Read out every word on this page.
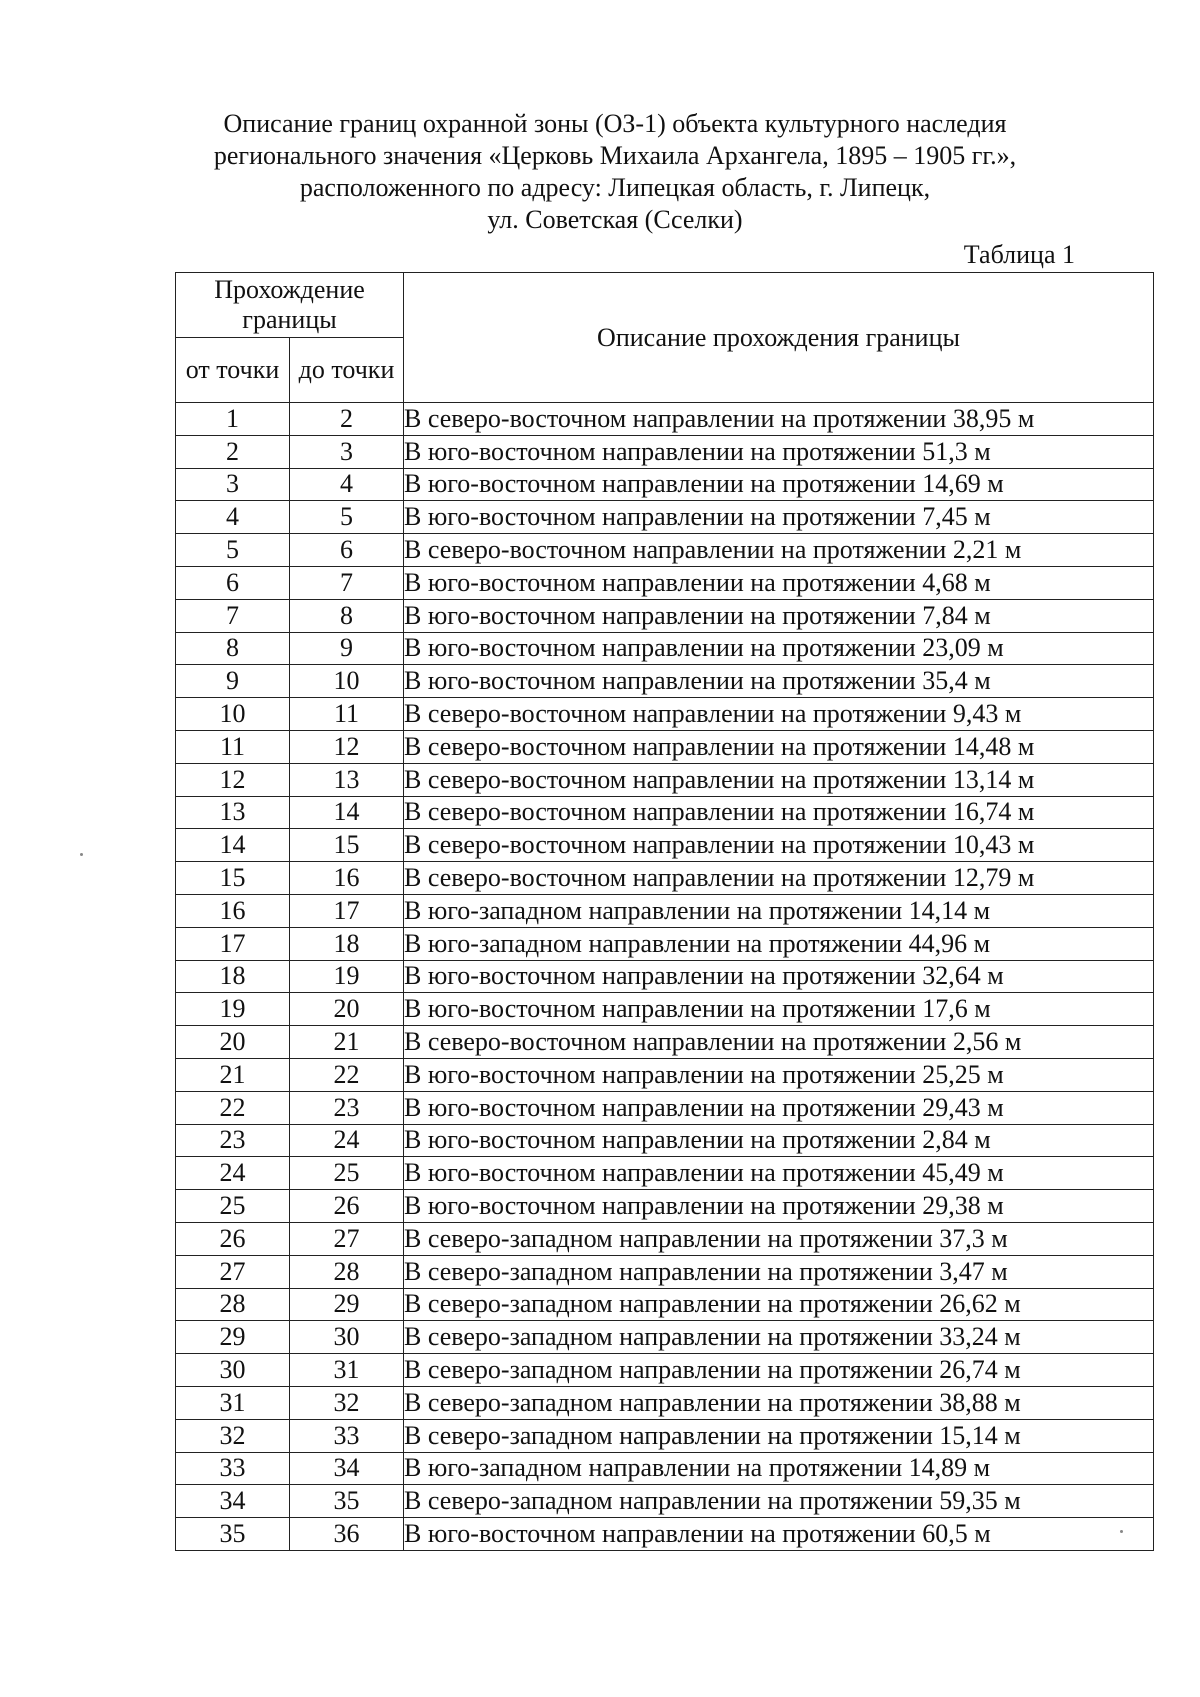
Описание границ охранной зоны (ОЗ-1) объекта культурного наследия
регионального значения «Церковь Михаила Архангела, 1895 – 1905 гг.»,
расположенного по адресу: Липецкая область, г. Липецк,
ул. Советская (Сселки)
Таблица 1
Прохождение границы		Описание прохождения границы
от точки	до точки	
1	2	В северо-восточном направлении на протяжении 38,95 м
2	3	В юго-восточном направлении на протяжении 51,3 м
3	4	В юго-восточном направлении на протяжении 14,69 м
4	5	В юго-восточном направлении на протяжении 7,45 м
5	6	В северо-восточном направлении на протяжении 2,21 м
6	7	В юго-восточном направлении на протяжении 4,68 м
7	8	В юго-восточном направлении на протяжении 7,84 м
8	9	В юго-восточном направлении на протяжении 23,09 м
9	10	В юго-восточном направлении на протяжении 35,4 м
10	11	В северо-восточном направлении на протяжении 9,43 м
11	12	В северо-восточном направлении на протяжении 14,48 м
12	13	В северо-восточном направлении на протяжении 13,14 м
13	14	В северо-восточном направлении на протяжении 16,74 м
14	15	В северо-восточном направлении на протяжении 10,43 м
15	16	В северо-восточном направлении на протяжении 12,79 м
16	17	В юго-западном направлении на протяжении 14,14 м
17	18	В юго-западном направлении на протяжении 44,96 м
18	19	В юго-восточном направлении на протяжении 32,64 м
19	20	В юго-восточном направлении на протяжении 17,6 м
20	21	В северо-восточном направлении на протяжении 2,56 м
21	22	В юго-восточном направлении на протяжении 25,25 м
22	23	В юго-восточном направлении на протяжении 29,43 м
23	24	В юго-восточном направлении на протяжении 2,84 м
24	25	В юго-восточном направлении на протяжении 45,49 м
25	26	В юго-восточном направлении на протяжении 29,38 м
26	27	В северо-западном направлении на протяжении 37,3 м
27	28	В северо-западном направлении на протяжении 3,47 м
28	29	В северо-западном направлении на протяжении 26,62 м
29	30	В северо-западном направлении на протяжении 33,24 м
30	31	В северо-западном направлении на протяжении 26,74 м
31	32	В северо-западном направлении на протяжении 38,88 м
32	33	В северо-западном направлении на протяжении 15,14 м
33	34	В юго-западном направлении на протяжении 14,89 м
34	35	В северо-западном направлении на протяжении 59,35 м
35	36	В юго-восточном направлении на протяжении 60,5 м
